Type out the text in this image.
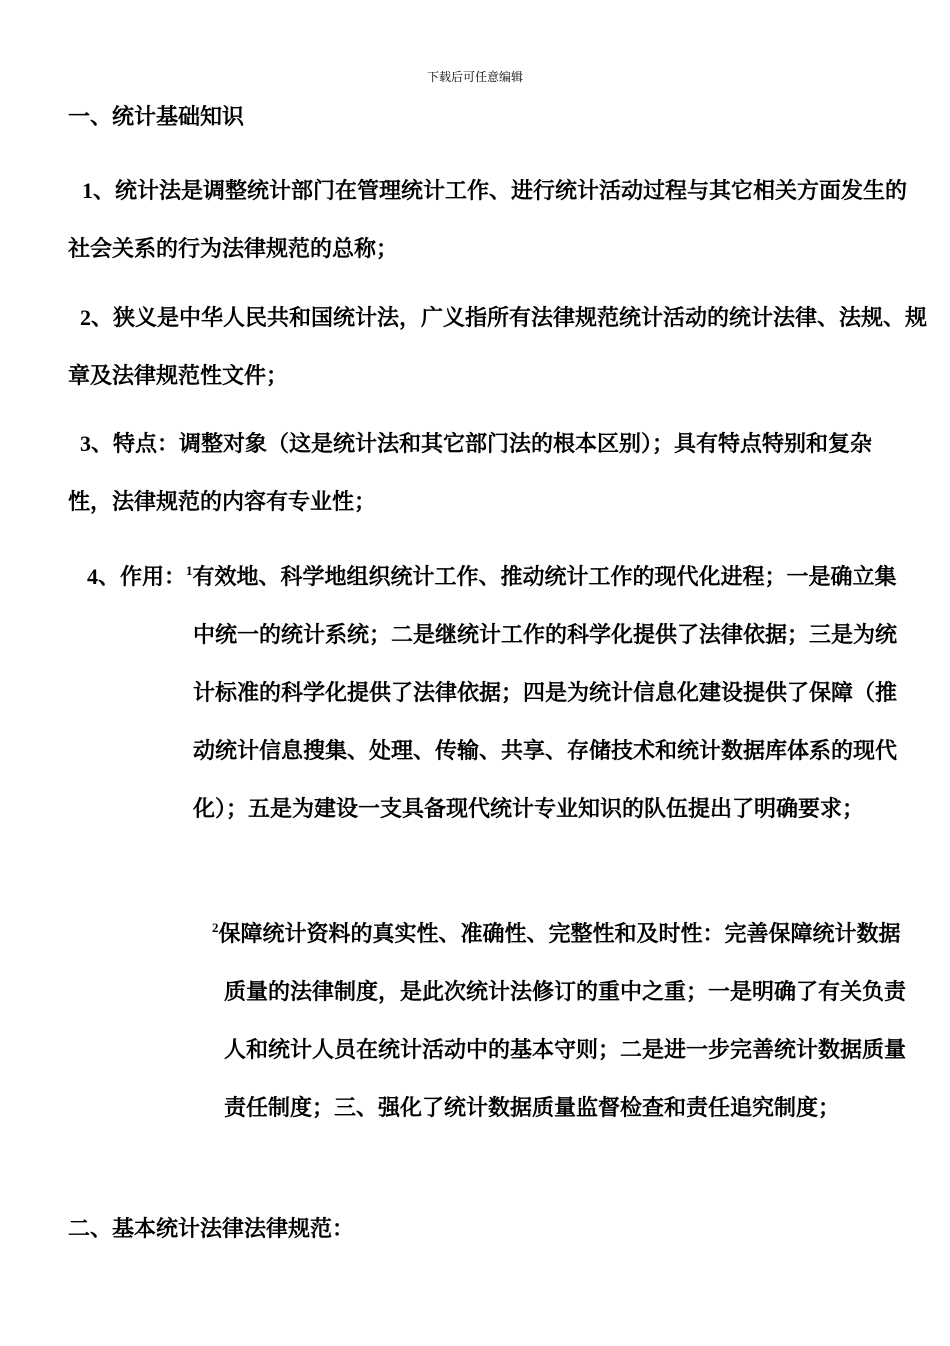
下载后可任意编辑
一、统计基础知识
1、统计法是调整统计部门在管理统计工作、进行统计活动过程与其它相关方面发生的社会关系的行为法律规范的总称；
2、狭义是中华人民共和国统计法，广义指所有法律规范统计活动的统计法律、法规、规章及法律规范性文件；
3、特点：调整对象（这是统计法和其它部门法的根本区别）；具有特点特别和复杂性，法律规范的内容有专业性；
4、作用：$^1$有效地、科学地组织统计工作、推动统计工作的现代化进程；一是确立集中统一的统计系统；二是继统计工作的科学化提供了法律依据；三是为统计标准的科学化提供了法律依据；四是为统计信息化建设提供了保障（推动统计信息搜集、处理、传输、共享、存储技术和统计数据库体系的现代化）；五是为建设一支具备现代统计专业知识的队伍提出了明确要求；
$^2$保障统计资料的真实性、准确性、完整性和及时性：完善保障统计数据质量的法律制度，是此次统计法修订的重中之重；一是明确了有关负责人和统计人员在统计活动中的基本守则；二是进一步完善统计数据质量责任制度；三、强化了统计数据质量监督检查和责任追究制度；
二、基本统计法律法律规范：
